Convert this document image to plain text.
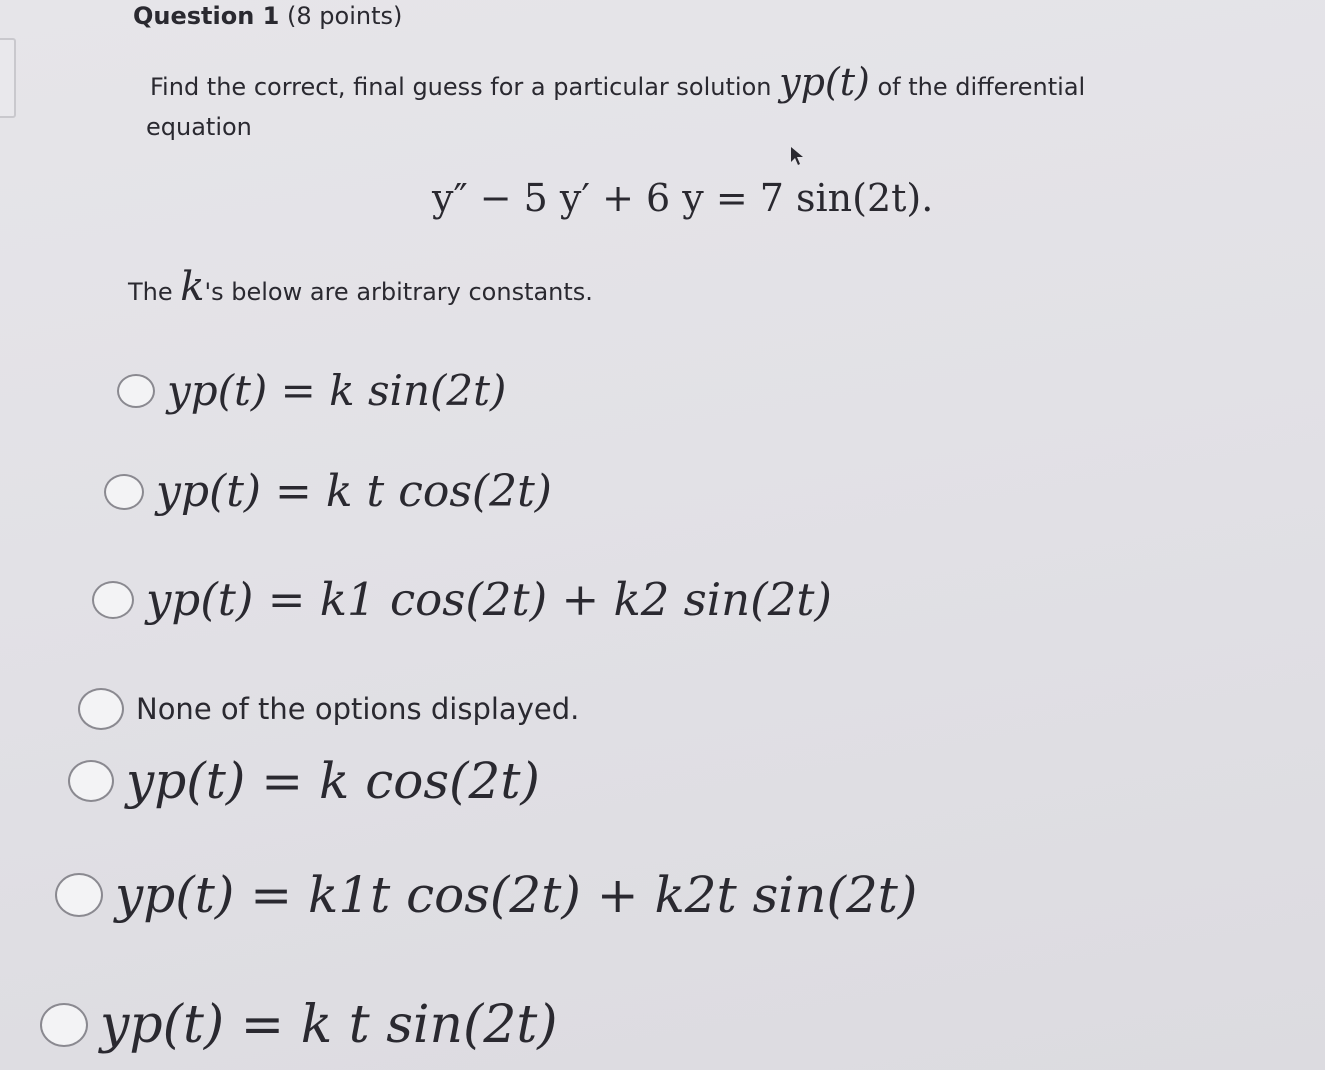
Question 1 (8 points)
Find the correct, final guess for a particular solution yp(t) of the differential
equation
y″ − 5 y′ + 6 y = 7 sin(2t).
The k's below are arbitrary constants.
yp(t) = k sin(2t)
yp(t) = k t cos(2t)
yp(t) = k1 cos(2t) + k2 sin(2t)
None of the options displayed.
yp(t) = k cos(2t)
yp(t) = k1t cos(2t) + k2t sin(2t)
yp(t) = k t sin(2t)
